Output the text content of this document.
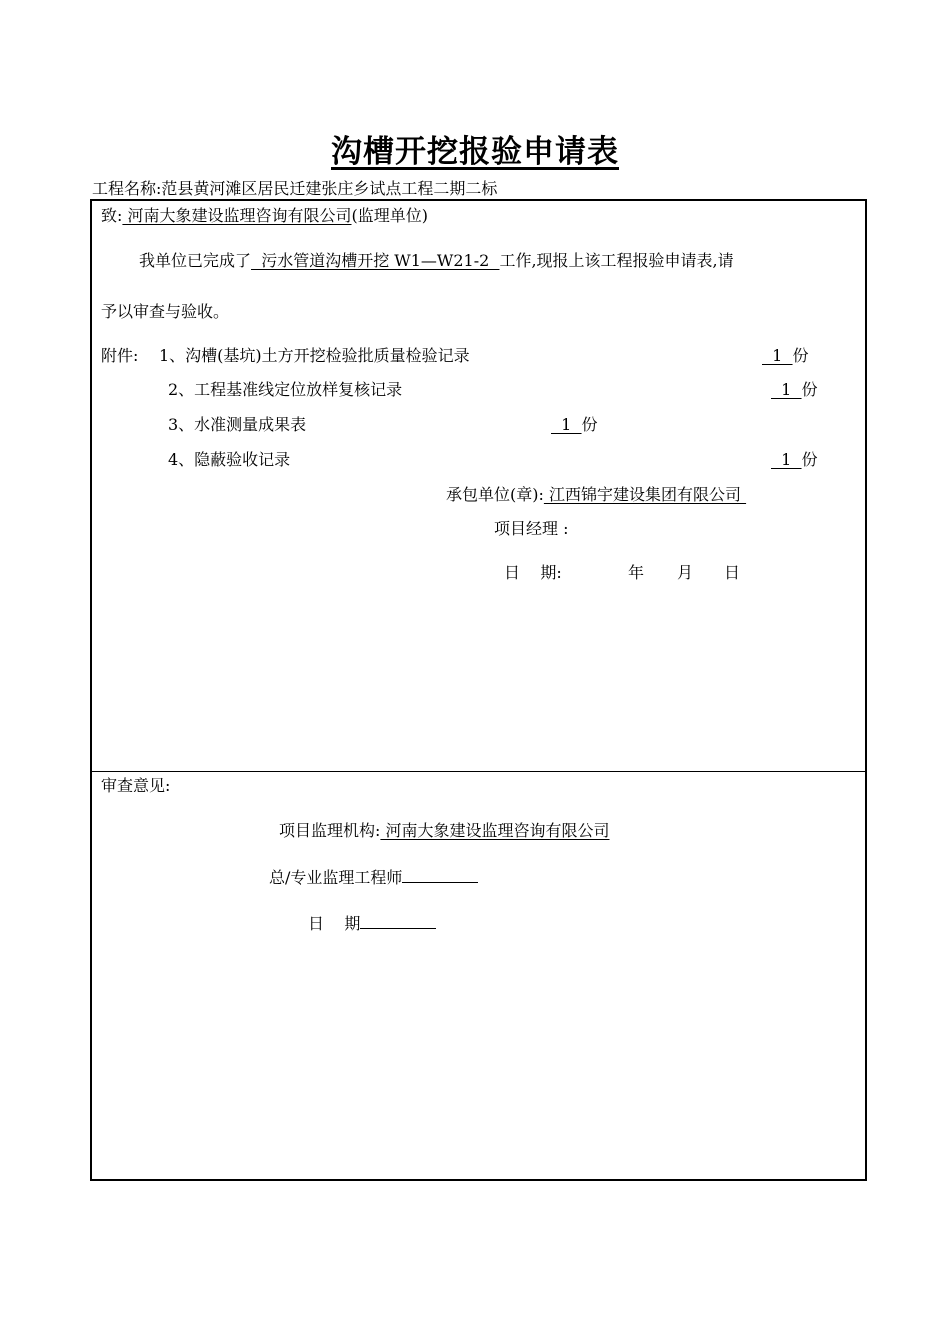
沟槽开挖报验申请表
工程名称:范县黄河滩区居民迁建张庄乡试点工程二期二标
致: 河南大象建设监理咨询有限公司(监理单位)
我单位已完成了  污水管道沟槽开挖 W1—W21-2  工作,现报上该工程报验申请表,请
予以审查与验收。
附件: 1、沟槽(基坑)土方开挖检验批质量检验记录	1  份
2、工程基准线定位放样复核记录	1  份
3、水准测量成果表	1  份
4、隐蔽验收记录	1  份
承包单位(章): 江西锦宇建设集团有限公司
项目经理 :
日    期:	年 月 日
审查意见:
项目监理机构: 河南大象建设监理咨询有限公司
总/专业监理工程师
日    期
